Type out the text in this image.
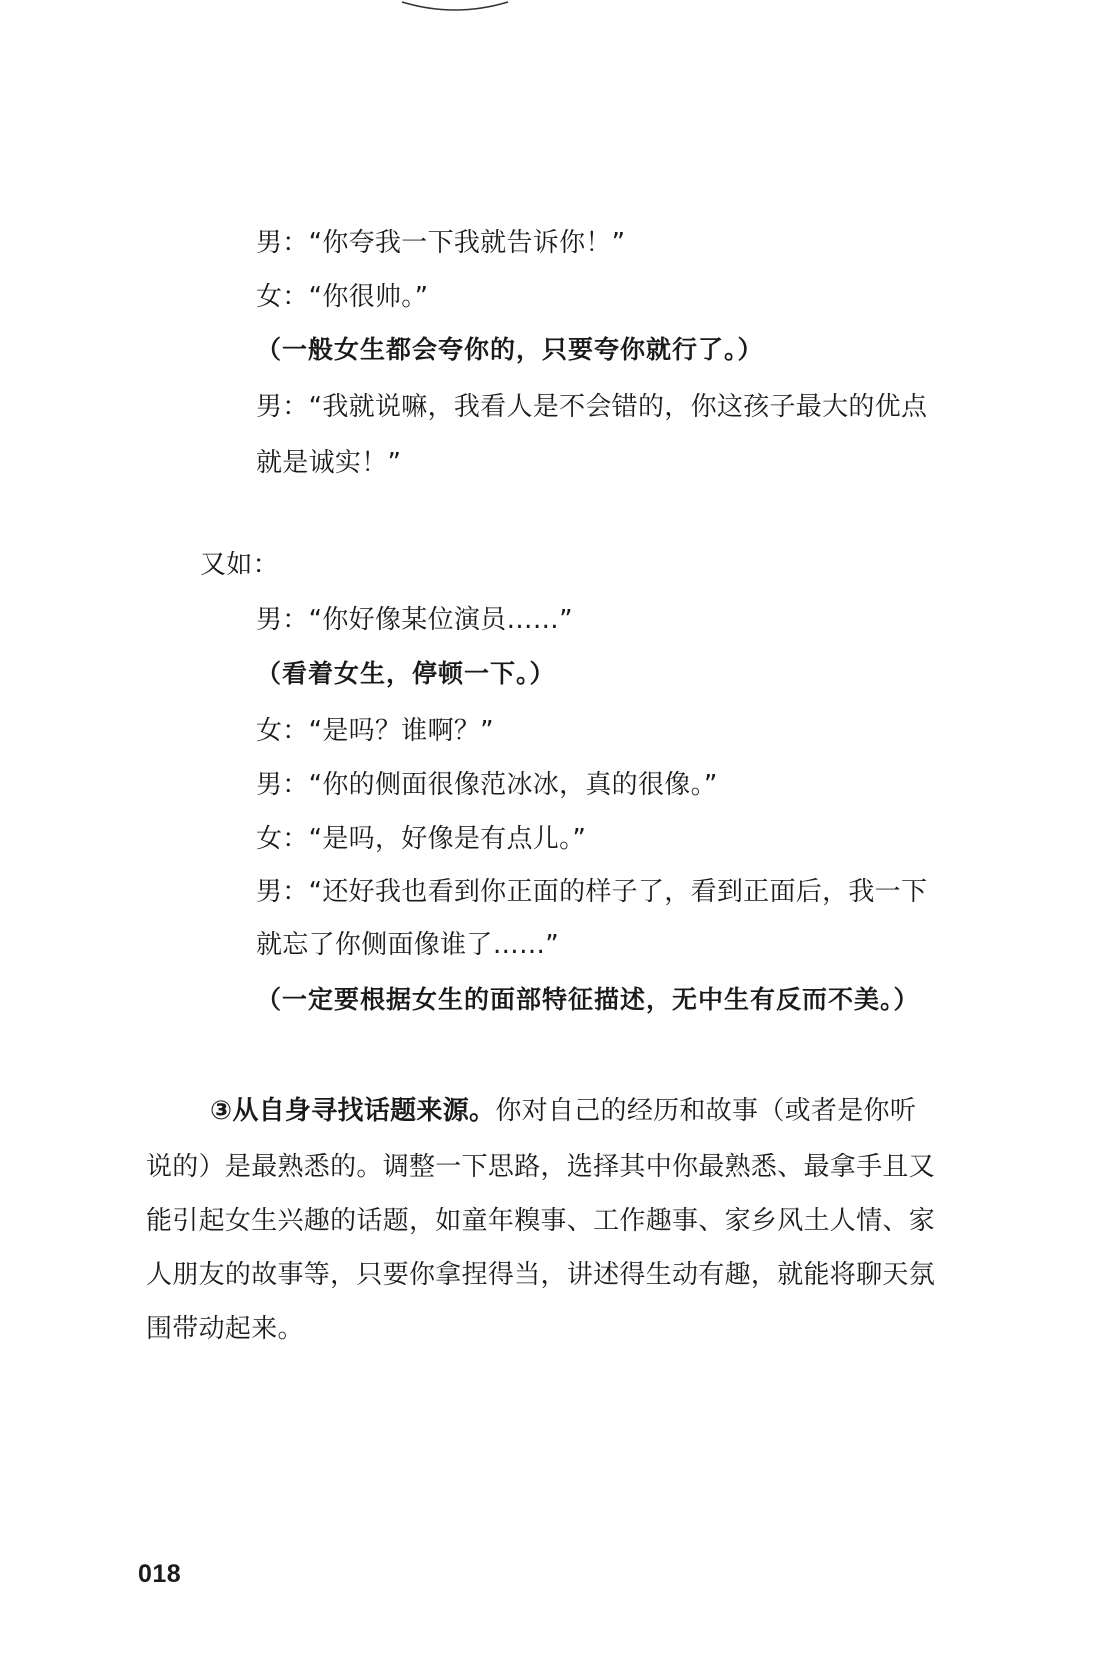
男：“你夸我一下我就告诉你！”
女：“你很帅。”
（一般女生都会夸你的，只要夸你就行了。）
男：“我就说嘛，我看人是不会错的，你这孩子最大的优点
就是诚实！”
又如：
男：“你好像某位演员……”
（看着女生，停顿一下。）
女：“是吗？谁啊？”
男：“你的侧面很像范冰冰，真的很像。”
女：“是吗，好像是有点儿。”
男：“还好我也看到你正面的样子了，看到正面后，我一下
就忘了你侧面像谁了……”
（一定要根据女生的面部特征描述，无中生有反而不美。）
③从自身寻找话题来源。你对自己的经历和故事（或者是你听
说的）是最熟悉的。调整一下思路，选择其中你最熟悉、最拿手且又
能引起女生兴趣的话题，如童年糗事、工作趣事、家乡风土人情、家
人朋友的故事等，只要你拿捏得当，讲述得生动有趣，就能将聊天氛
围带动起来。
018
